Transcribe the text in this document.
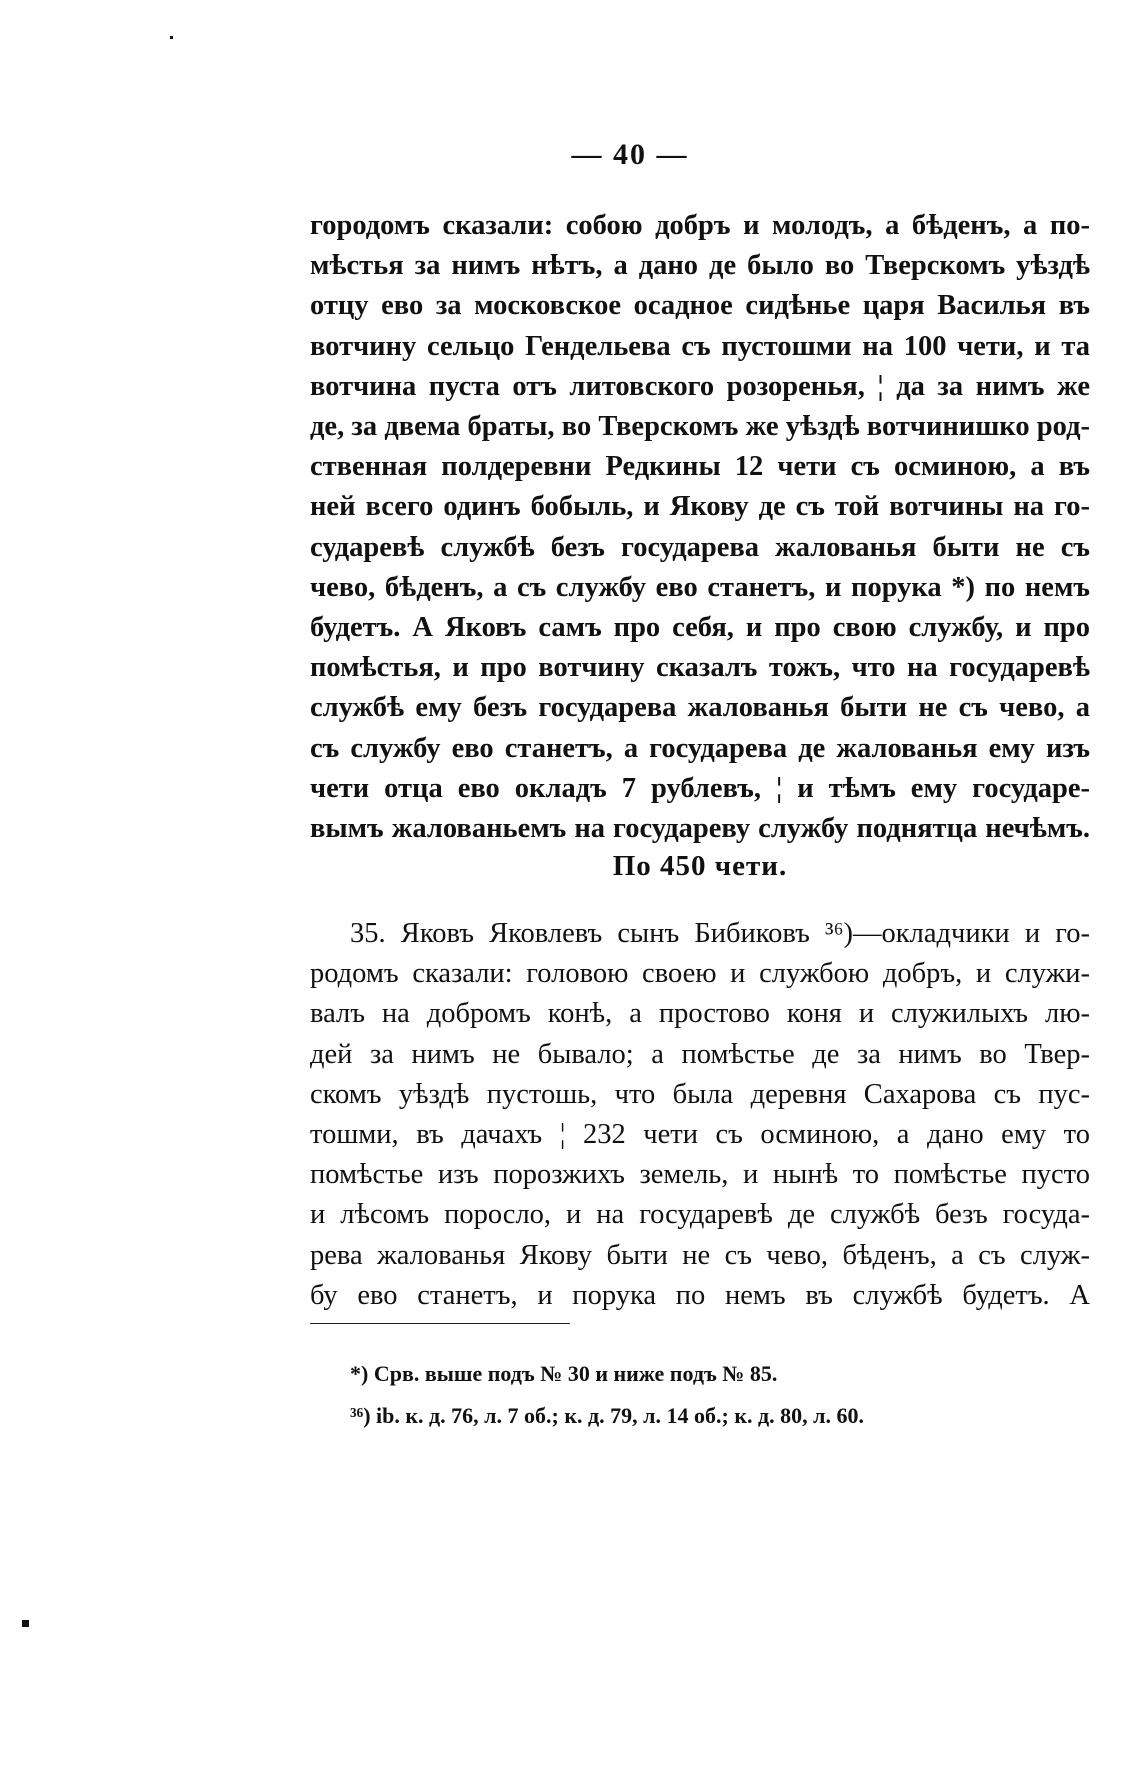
— 40 —
городомъ сказали: собою добръ и молодъ, а бѣденъ, а по-
мѣстья за нимъ нѣтъ, а дано де было во Тверскомъ уѣздѣ
отцу ево за московское осадное сидѣнье царя Василья въ
вотчину сельцо Гендельева съ пустошми на 100 чети, и та
вотчина пуста отъ литовского розоренья, ¦ да за нимъ же
де, за двема браты, во Тверскомъ же уѣздѣ вотчинишко род-
ственная полдеревни Редкины 12 чети съ осминою, а въ
ней всего одинъ бобыль, и Якову де съ той вотчины на го-
сударевѣ службѣ безъ государева жалованья быти не съ
чево, бѣденъ, а съ службу ево станетъ, и порука *) по немъ
будетъ. А Яковъ самъ про себя, и про свою службу, и про
помѣстья, и про вотчину сказалъ тожъ, что на государевѣ
службѣ ему безъ государева жалованья быти не съ чево, а
съ службу ево станетъ, а государева де жалованья ему изъ
чети отца ево окладъ 7 рублевъ, ¦ и тѣмъ ему государе-
вымъ жалованьемъ на государеву службу поднятца нечѣмъ.
По 450 чети.
35. Яковъ Яковлевъ сынъ Бибиковъ ³⁶)—окладчики и го-
родомъ сказали: головою своею и службою добръ, и служи-
валъ на добромъ конѣ, а простово коня и служилыхъ лю-
дей за нимъ не бывало; а помѣстье де за нимъ во Твер-
скомъ уѣздѣ пустошь, что была деревня Сахарова съ пус-
тошми, въ дачахъ ¦ 232 чети съ осминою, а дано ему то
помѣстье изъ порозжихъ земель, и нынѣ то помѣстье пусто
и лѣсомъ поросло, и на государевѣ де службѣ безъ госуда-
рева жалованья Якову быти не съ чево, бѣденъ, а съ служ-
бу ево станетъ, и порука по немъ въ службѣ будетъ. А
*) Срв. выше подъ № 30 и ниже подъ № 85.
³⁶) ib. к. д. 76, л. 7 об.; к. д. 79, л. 14 об.; к. д. 80, л. 60.
